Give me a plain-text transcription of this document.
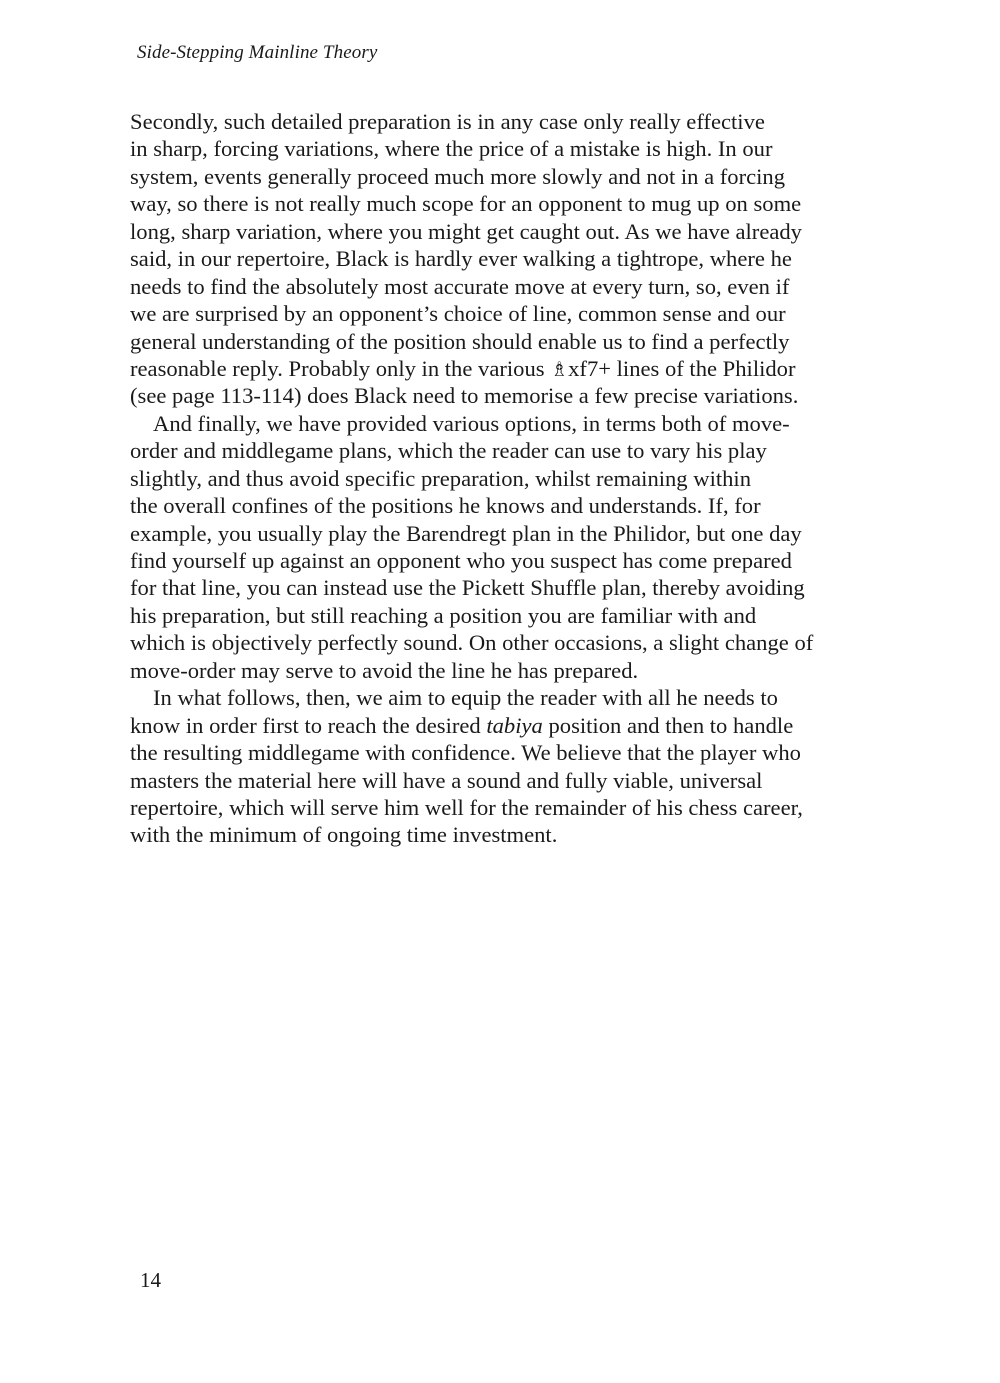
Side-Stepping Mainline Theory
Secondly, such detailed preparation is in any case only really effective
in sharp, forcing variations, where the price of a mistake is high. In our
system, events generally proceed much more slowly and not in a forcing
way, so there is not really much scope for an opponent to mug up on some
long, sharp variation, where you might get caught out. As we have already
said, in our repertoire, Black is hardly ever walking a tightrope, where he
needs to find the absolutely most accurate move at every turn, so, even if
we are surprised by an opponent’s choice of line, common sense and our
general understanding of the position should enable us to find a perfectly
reasonable reply. Probably only in the various ♗xf7+ lines of the Philidor
(see page 113-114) does Black need to memorise a few precise variations.
And finally, we have provided various options, in terms both of move-
order and middlegame plans, which the reader can use to vary his play
slightly, and thus avoid specific preparation, whilst remaining within
the overall confines of the positions he knows and understands. If, for
example, you usually play the Barendregt plan in the Philidor, but one day
find yourself up against an opponent who you suspect has come prepared
for that line, you can instead use the Pickett Shuffle plan, thereby avoiding
his preparation, but still reaching a position you are familiar with and
which is objectively perfectly sound. On other occasions, a slight change of
move-order may serve to avoid the line he has prepared.
In what follows, then, we aim to equip the reader with all he needs to
know in order first to reach the desired tabiya position and then to handle
the resulting middlegame with confidence. We believe that the player who
masters the material here will have a sound and fully viable, universal
repertoire, which will serve him well for the remainder of his chess career,
with the minimum of ongoing time investment.
14
